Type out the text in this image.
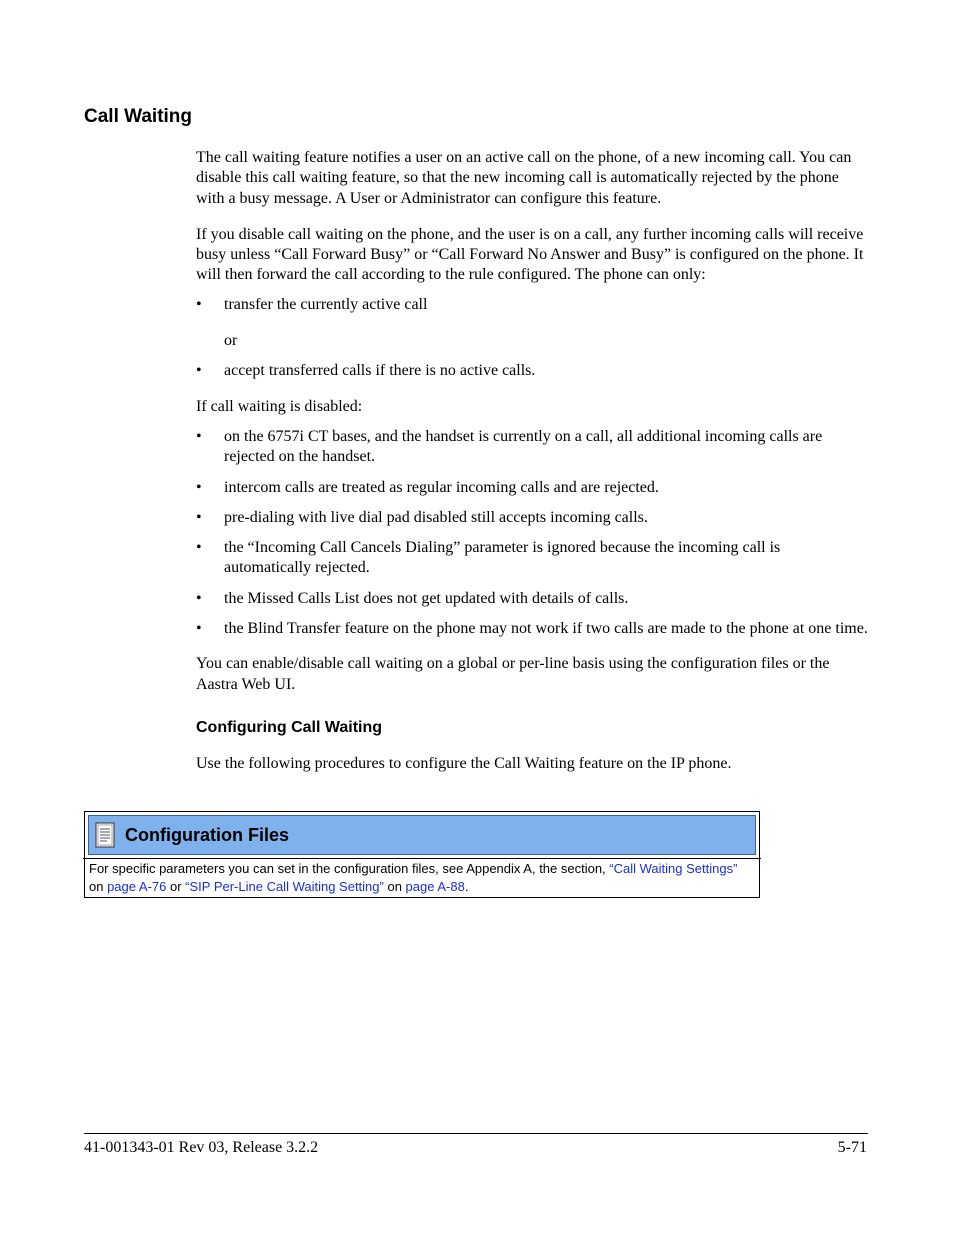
Call Waiting

The call waiting feature notifies a user on an active call on the phone, of a new incoming call. You can disable this call waiting feature, so that the new incoming call is automatically rejected by the phone with a busy message. A User or Administrator can configure this feature.

If you disable call waiting on the phone, and the user is on a call, any further incoming calls will receive busy unless “Call Forward Busy” or “Call Forward No Answer and Busy” is configured on the phone. It will then forward the call according to the rule configured. The phone can only:

• transfer the currently active call
or
• accept transferred calls if there is no active calls.

If call waiting is disabled:

• on the 6757i CT bases, and the handset is currently on a call, all additional incoming calls are rejected on the handset.
• intercom calls are treated as regular incoming calls and are rejected.
• pre-dialing with live dial pad disabled still accepts incoming calls.
• the “Incoming Call Cancels Dialing” parameter is ignored because the incoming call is automatically rejected.
• the Missed Calls List does not get updated with details of calls.
• the Blind Transfer feature on the phone may not work if two calls are made to the phone at one time.

You can enable/disable call waiting on a global or per-line basis using the configuration files or the Aastra Web UI.

Configuring Call Waiting

Use the following procedures to configure the Call Waiting feature on the IP phone.

Configuration Files
For specific parameters you can set in the configuration files, see Appendix A, the section, “Call Waiting Settings” on page A-76 or “SIP Per-Line Call Waiting Setting” on page A-88.
41-001343-01 Rev 03, Release 3.2.2	5-71
